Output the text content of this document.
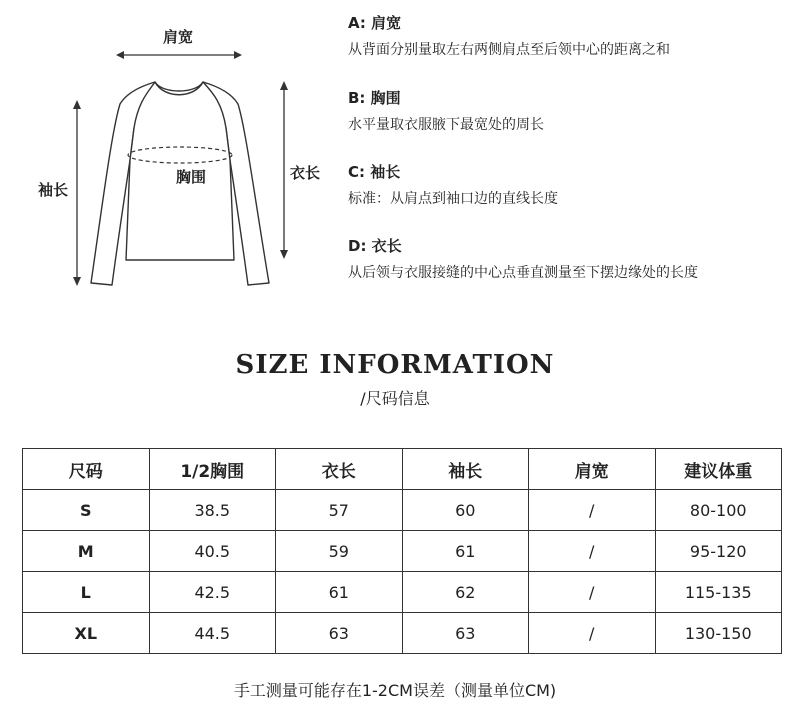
肩宽
胸围
袖长
衣长
A: 肩宽
从背面分别量取左右两侧肩点至后领中心的距离之和
B: 胸围
水平量取衣服腋下最宽处的周长
C: 袖长
标准：从肩点到袖口边的直线长度
D: 衣长
从后领与衣服接缝的中心点垂直测量至下摆边缘处的长度
SIZE INFORMATION
/尺码信息
尺码	1/2胸围	衣长	袖长	肩宽	建议体重
S	38.5	57	60	/	80-100
M	40.5	59	61	/	95-120
L	42.5	61	62	/	115-135
XL	44.5	63	63	/	130-150
手工测量可能存在1-2CM误差（测量单位CM)
